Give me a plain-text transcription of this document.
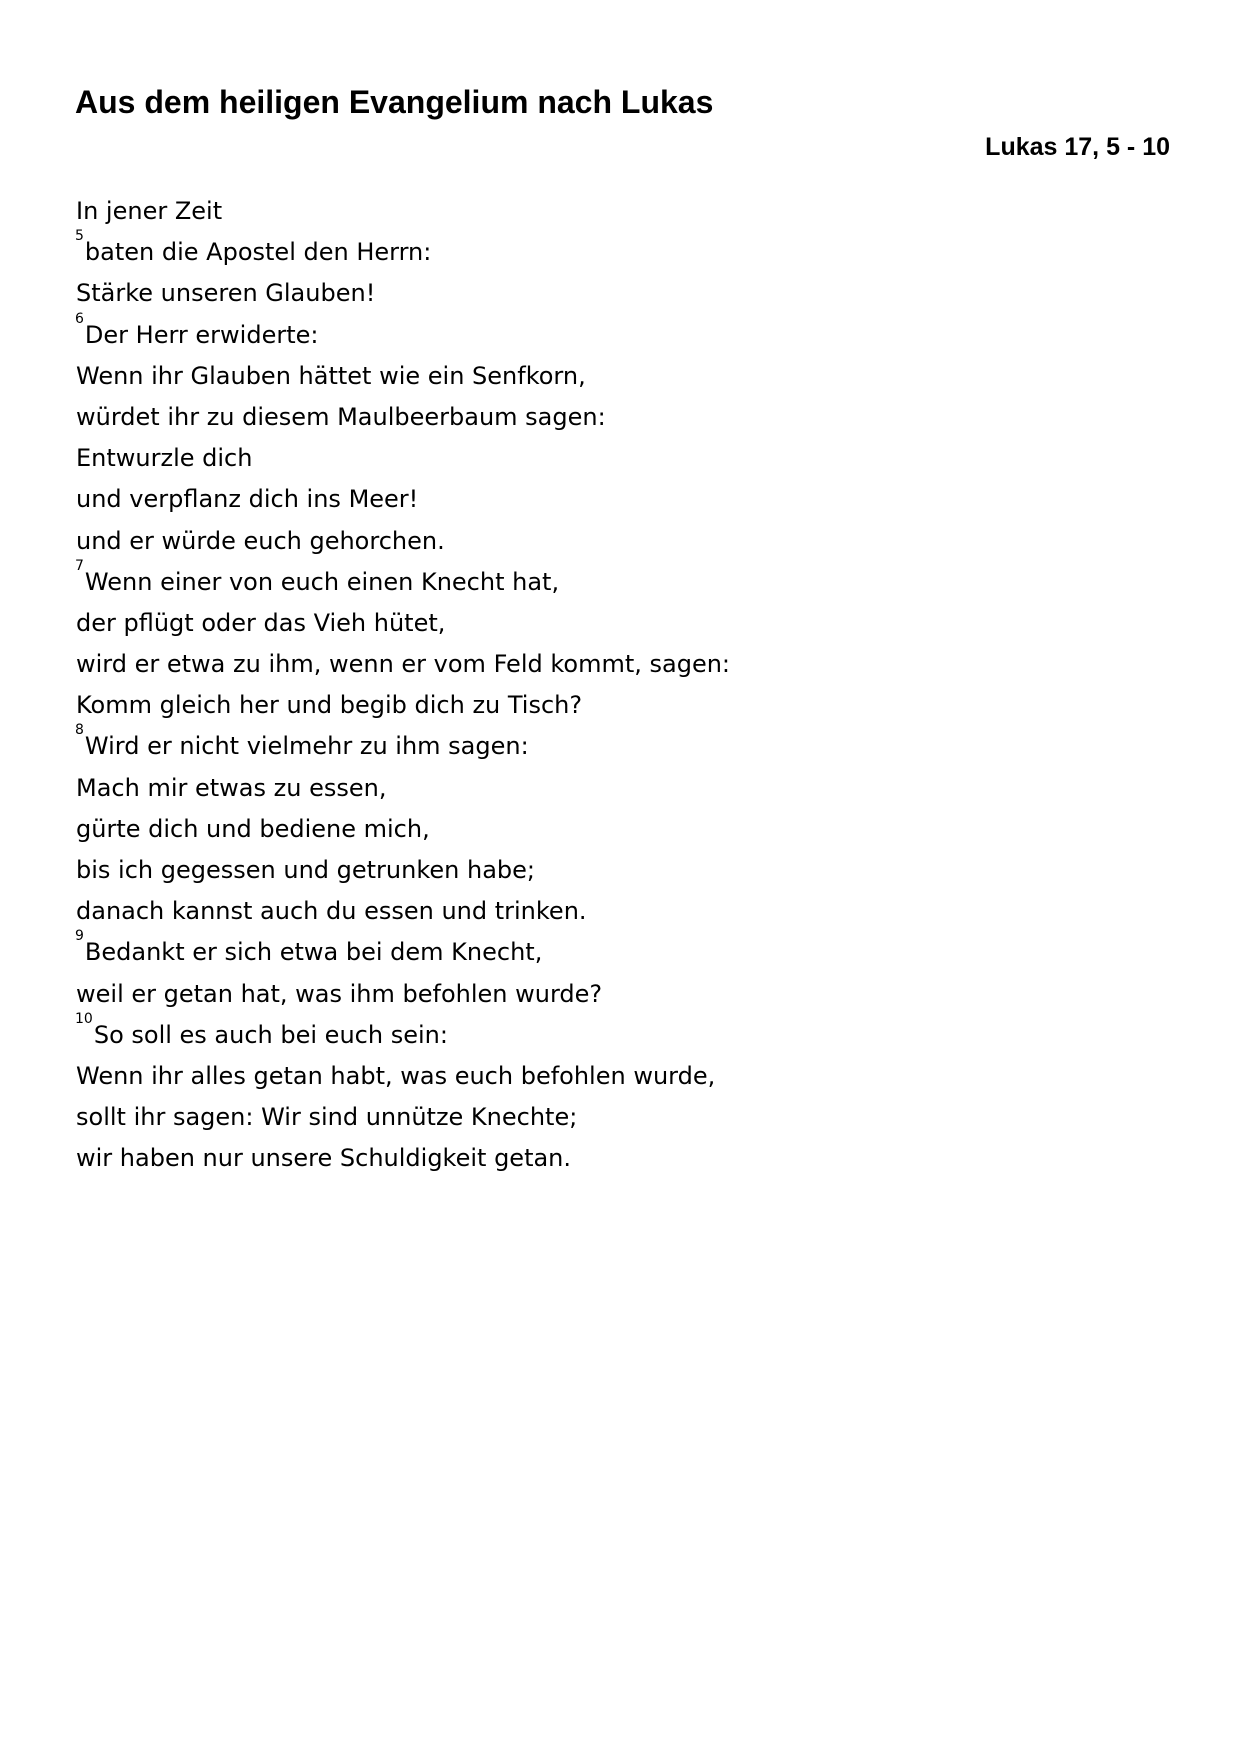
Aus dem heiligen Evangelium nach Lukas
Lukas 17, 5 - 10
In jener Zeit
$^5$baten die Apostel den Herrn:
Stärke unseren Glauben!
$^6$Der Herr erwiderte:
Wenn ihr Glauben hättet wie ein Senfkorn,
würdet ihr zu diesem Maulbeerbaum sagen:
Entwurzle dich
und verpflanz dich ins Meer!
und er würde euch gehorchen.
$^7$Wenn einer von euch einen Knecht hat,
der pflügt oder das Vieh hütet,
wird er etwa zu ihm, wenn er vom Feld kommt, sagen:
Komm gleich her und begib dich zu Tisch?
$^8$Wird er nicht vielmehr zu ihm sagen:
Mach mir etwas zu essen,
gürte dich und bediene mich,
bis ich gegessen und getrunken habe;
danach kannst auch du essen und trinken.
$^9$Bedankt er sich etwa bei dem Knecht,
weil er getan hat, was ihm befohlen wurde?
$^{10}$So soll es auch bei euch sein:
Wenn ihr alles getan habt, was euch befohlen wurde,
sollt ihr sagen: Wir sind unnütze Knechte;
wir haben nur unsere Schuldigkeit getan.
